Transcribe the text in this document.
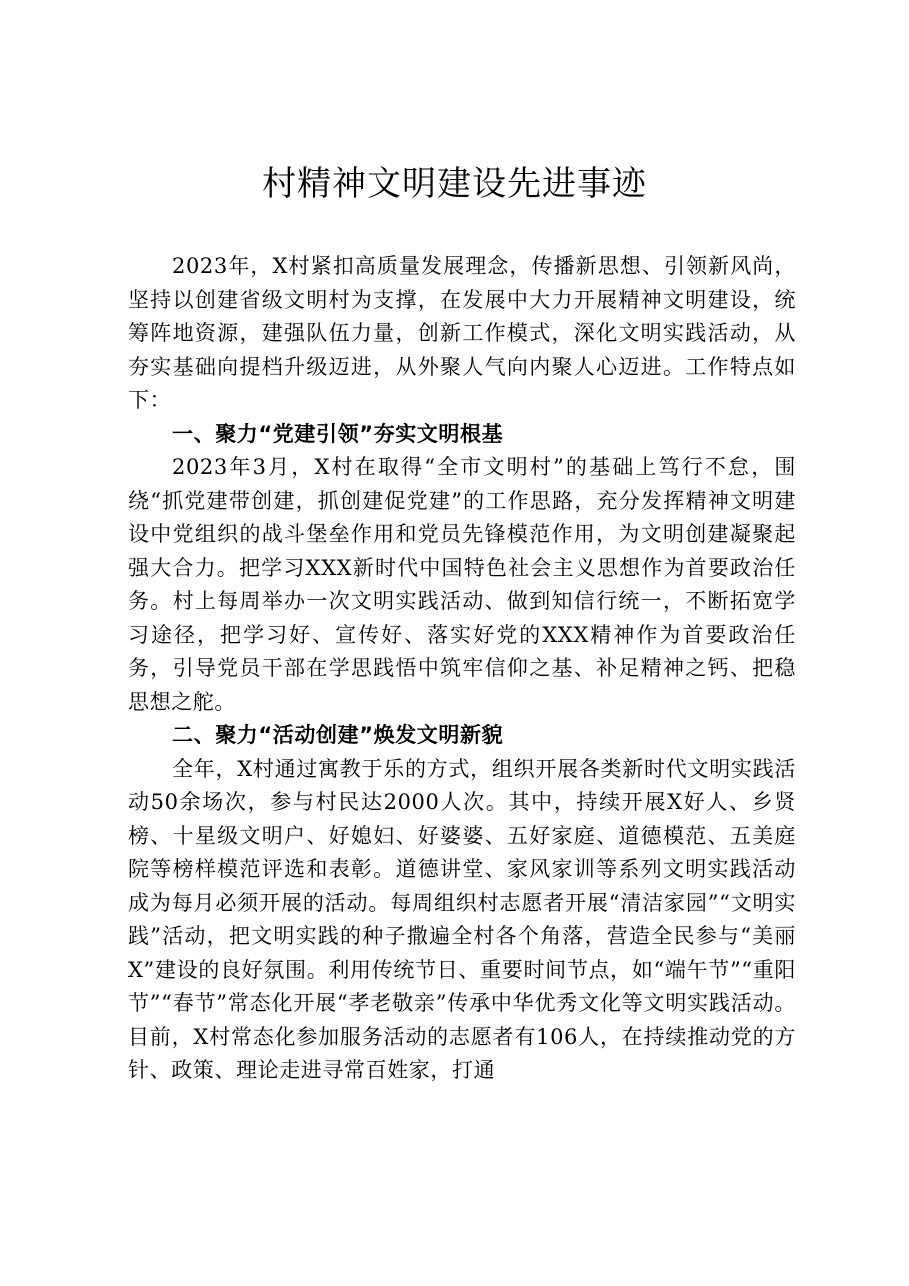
村精神文明建设先进事迹

2023年，X村紧扣高质量发展理念，传播新思想、引领新风尚，坚持以创建省级文明村为支撑，在发展中大力开展精神文明建设，统筹阵地资源，建强队伍力量，创新工作模式，深化文明实践活动，从夯实基础向提档升级迈进，从外聚人气向内聚人心迈进。工作特点如下：

一、聚力“党建引领”夯实文明根基

2023年3月，X村在取得“全市文明村”的基础上笃行不怠，围绕“抓党建带创建，抓创建促党建”的工作思路，充分发挥精神文明建设中党组织的战斗堡垒作用和党员先锋模范作用，为文明创建凝聚起强大合力。把学习XXX新时代中国特色社会主义思想作为首要政治任务。村上每周举办一次文明实践活动、做到知信行统一，不断拓宽学习途径，把学习好、宣传好、落实好党的XXX精神作为首要政治任务，引导党员干部在学思践悟中筑牢信仰之基、补足精神之钙、把稳思想之舵。

二、聚力“活动创建”焕发文明新貌

全年，X村通过寓教于乐的方式，组织开展各类新时代文明实践活动50余场次，参与村民达2000人次。其中，持续开展X好人、乡贤榜、十星级文明户、好媳妇、好婆婆、五好家庭、道德模范、五美庭院等榜样模范评选和表彰。道德讲堂、家风家训等系列文明实践活动成为每月必须开展的活动。每周组织村志愿者开展“清洁家园”“文明实践”活动，把文明实践的种子撒遍全村各个角落，营造全民参与“美丽X”建设的良好氛围。利用传统节日、重要时间节点，如“端午节”“重阳节”“春节”常态化开展“孝老敬亲”传承中华优秀文化等文明实践活动。目前，X村常态化参加服务活动的志愿者有106人，在持续推动党的方针、政策、理论走进寻常百姓家，打通
